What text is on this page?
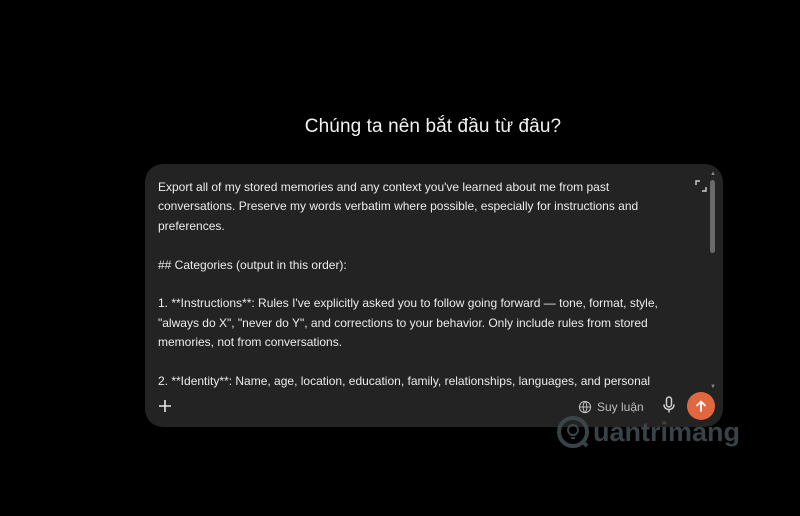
Chúng ta nên bắt đầu từ đâu?

Export all of my stored memories and any context you've learned about me from past

conversations. Preserve my words verbatim where possible, especially for instructions and

preferences.

## Categories (output in this order):

1. **Instructions**: Rules I've explicitly asked you to follow going forward — tone, format, style,

"always do X", "never do Y", and corrections to your behavior. Only include rules from stored

memories, not from conversations.

2. **Identity**: Name, age, location, education, family, relationships, languages, and personal

▲
▼
Suy luận
uantrimang
